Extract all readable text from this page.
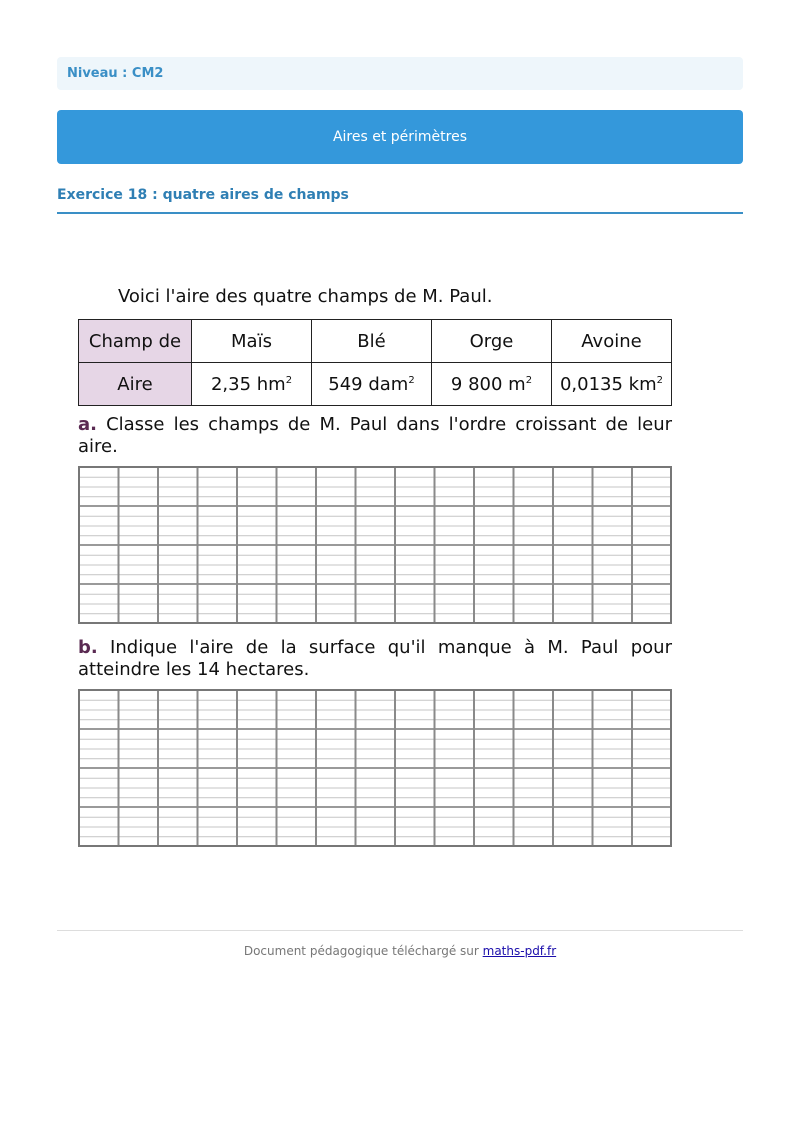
Niveau : CM2
Aires et périmètres
Exercice 18 : quatre aires de champs
Voici l'aire des quatre champs de M. Paul.
Champ de	Maïs	Blé	Orge	Avoine
Aire	2,35 $hm^2$	549 dam$^2$	9 800 $m^2$	0,0135 $km^2$
a. Classe les champs de M. Paul dans l'ordre croissant de leur aire.
b. Indique l'aire de la surface qu'il manque à M. Paul pour atteindre les 14 hectares.
Document pédagogique téléchargé sur maths-pdf.fr
